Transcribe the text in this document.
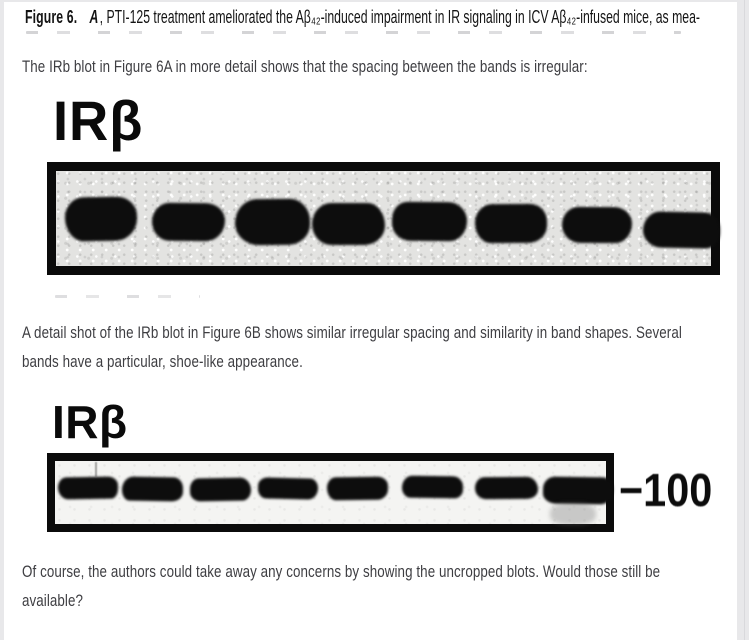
Figure 6. A, PTI-125 treatment ameliorated the Aβ₄₂-induced impairment in IR signaling in ICV Aβ₄₂-infused mice, as mea-
The IRb blot in Figure 6A in more detail shows that the spacing between the bands is irregular:
IRβ
A detail shot of the IRb blot in Figure 6B shows similar irregular spacing and similarity in band shapes. Several
bands have a particular, shoe-like appearance.
IRβ
−100
Of course, the authors could take away any concerns by showing the uncropped blots. Would those still be
available?
